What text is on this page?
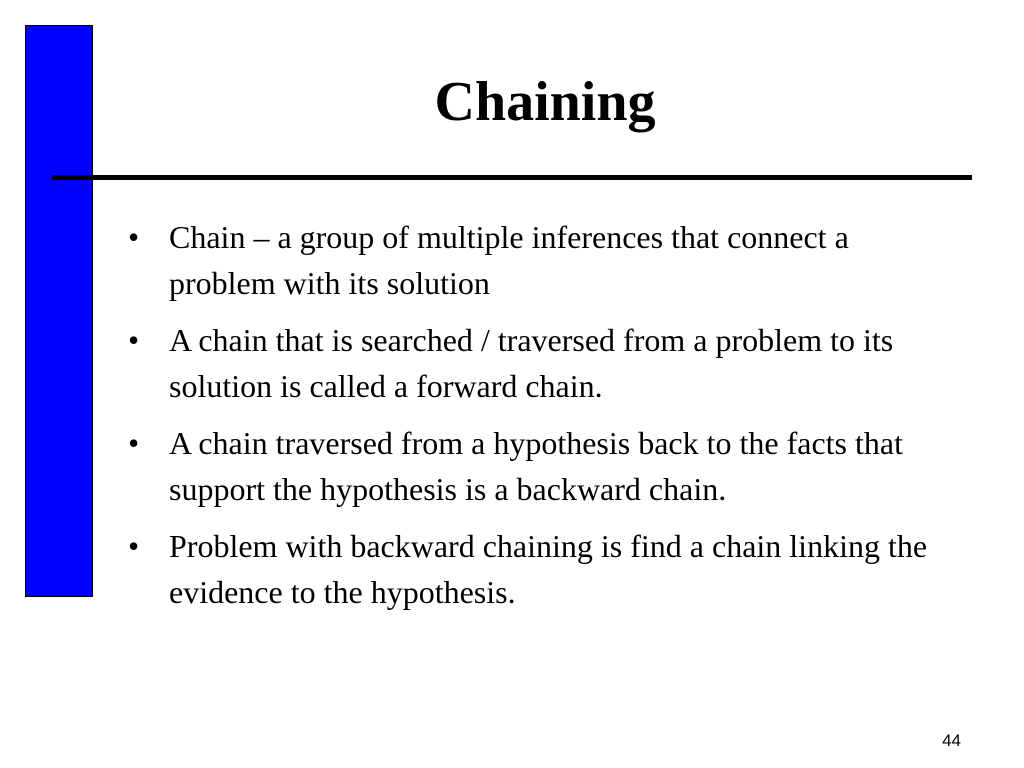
Chaining
• Chain – a group of multiple inferences that connect a problem with its solution
• A chain that is searched / traversed from a problem to its solution is called a forward chain.
• A chain traversed from a hypothesis back to the facts that support the hypothesis is a backward chain.
• Problem with backward chaining is find a chain linking the evidence to the hypothesis.
44
